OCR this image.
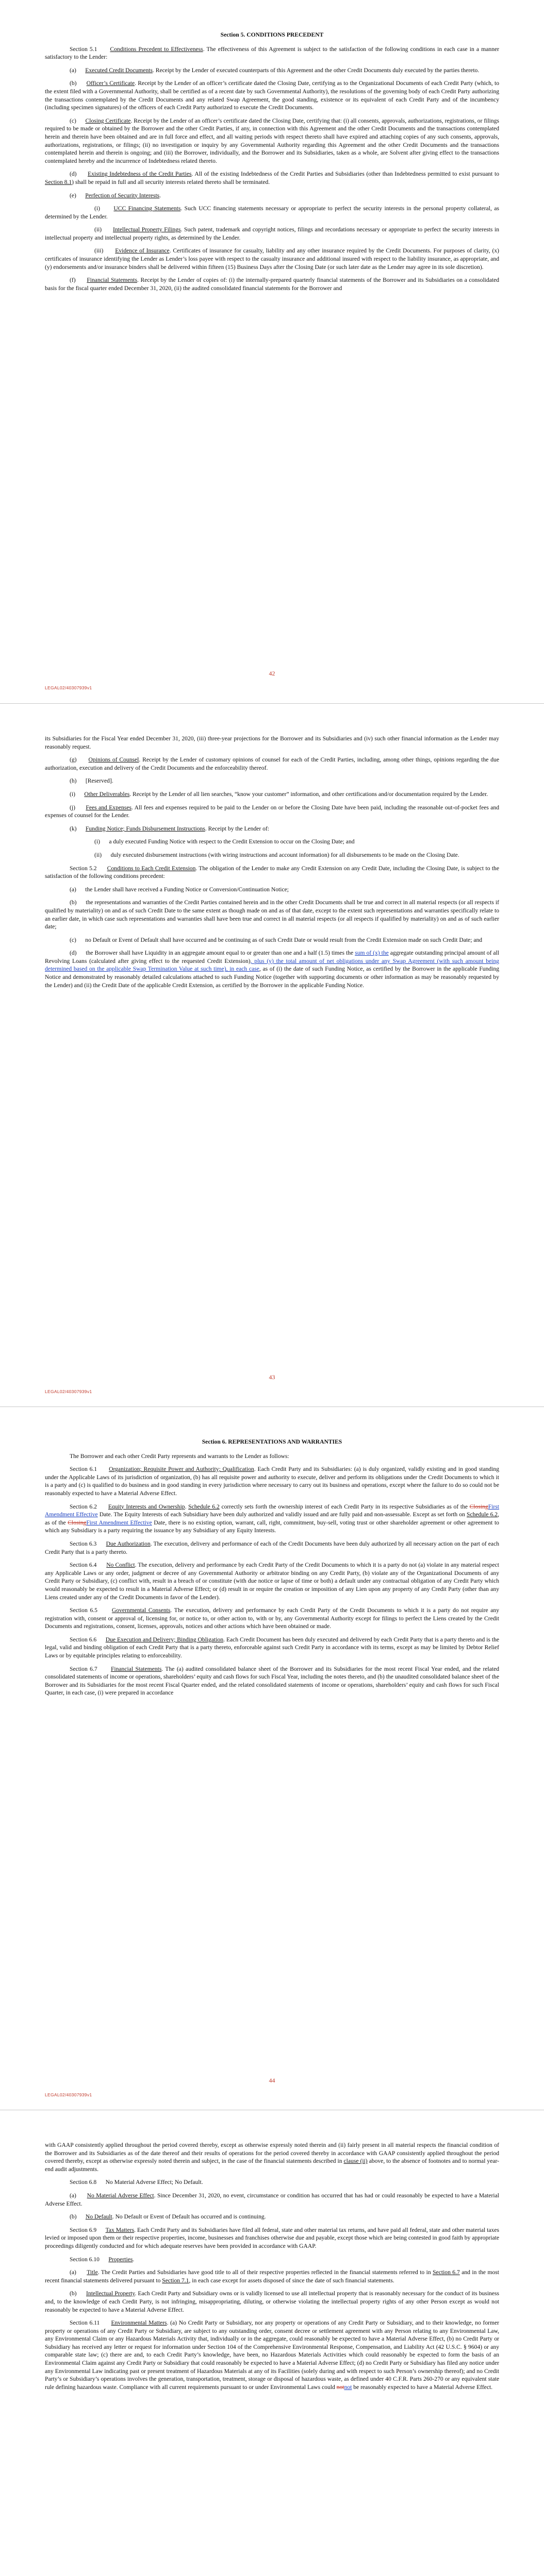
Section 5. CONDITIONS PRECEDENT

Section 5.1 Conditions Precedent to Effectiveness. The effectiveness of this Agreement is subject to the satisfaction of the following conditions in each case in a manner satisfactory to the Lender:

(a) Executed Credit Documents. Receipt by the Lender of executed counterparts of this Agreement and the other Credit Documents duly executed by the parties thereto.

(b) Officer’s Certificate. Receipt by the Lender of an officer’s certificate dated the Closing Date, certifying as to the Organizational Documents of each Credit Party (which, to the extent filed with a Governmental Authority, shall be certified as of a recent date by such Governmental Authority), the resolutions of the governing body of each Credit Party authorizing the transactions contemplated by the Credit Documents and any related Swap Agreement, the good standing, existence or its equivalent of each Credit Party and of the incumbency (including specimen signatures) of the officers of each Credit Party authorized to execute the Credit Documents.

(c) Closing Certificate. Receipt by the Lender of an officer’s certificate dated the Closing Date, certifying that: (i) all consents, approvals, authorizations, registrations, or filings required to be made or obtained by the Borrower and the other Credit Parties, if any, in connection with this Agreement and the other Credit Documents and the transactions contemplated herein and therein have been obtained and are in full force and effect, and all waiting periods with respect thereto shall have expired and attaching copies of any such consents, approvals, authorizations, registrations, or filings; (ii) no investigation or inquiry by any Governmental Authority regarding this Agreement and the other Credit Documents and the transactions contemplated herein and therein is ongoing; and (iii) the Borrower, individually, and the Borrower and its Subsidiaries, taken as a whole, are Solvent after giving effect to the transactions contemplated hereby and the incurrence of Indebtedness related thereto.

(d) Existing Indebtedness of the Credit Parties. All of the existing Indebtedness of the Credit Parties and Subsidiaries (other than Indebtedness permitted to exist pursuant to Section 8.1) shall be repaid in full and all security interests related thereto shall be terminated.

(e) Perfection of Security Interests.

(i) UCC Financing Statements. Such UCC financing statements necessary or appropriate to perfect the security interests in the personal property collateral, as determined by the Lender.

(ii) Intellectual Property Filings. Such patent, trademark and copyright notices, filings and recordations necessary or appropriate to perfect the security interests in intellectual property and intellectual property rights, as determined by the Lender.

(iii) Evidence of Insurance. Certificates of insurance for casualty, liability and any other insurance required by the Credit Documents. For purposes of clarity, (x) certificates of insurance identifying the Lender as Lender’s loss payee with respect to the casualty insurance and additional insured with respect to the liability insurance, as appropriate, and (y) endorsements and/or insurance binders shall be delivered within fifteen (15) Business Days after the Closing Date (or such later date as the Lender may agree in its sole discretion).

(f) Financial Statements. Receipt by the Lender of copies of: (i) the internally-prepared quarterly financial statements of the Borrower and its Subsidiaries on a consolidated basis for the fiscal quarter ended December 31, 2020, (ii) the audited consolidated financial statements for the Borrower and

42
LEGAL02/40307939v1

its Subsidiaries for the Fiscal Year ended December 31, 2020, (iii) three-year projections for the Borrower and its Subsidiaries and (iv) such other financial information as the Lender may reasonably request.

(g) Opinions of Counsel. Receipt by the Lender of customary opinions of counsel for each of the Credit Parties, including, among other things, opinions regarding the due authorization, execution and delivery of the Credit Documents and the enforceability thereof.

(h) [Reserved].

(i) Other Deliverables. Receipt by the Lender of all lien searches, “know your customer” information, and other certifications and/or documentation required by the Lender.

(j) Fees and Expenses. All fees and expenses required to be paid to the Lender on or before the Closing Date have been paid, including the reasonable out-of-pocket fees and expenses of counsel for the Lender.

(k) Funding Notice; Funds Disbursement Instructions. Receipt by the Lender of:

(i) a duly executed Funding Notice with respect to the Credit Extension to occur on the Closing Date; and

(ii) duly executed disbursement instructions (with wiring instructions and account information) for all disbursements to be made on the Closing Date.

Section 5.2 Conditions to Each Credit Extension. The obligation of the Lender to make any Credit Extension on any Credit Date, including the Closing Date, is subject to the satisfaction of the following conditions precedent:

(a) the Lender shall have received a Funding Notice or Conversion/Continuation Notice;

(b) the representations and warranties of the Credit Parties contained herein and in the other Credit Documents shall be true and correct in all material respects (or all respects if qualified by materiality) on and as of such Credit Date to the same extent as though made on and as of that date, except to the extent such representations and warranties specifically relate to an earlier date, in which case such representations and warranties shall have been true and correct in all material respects (or all respects if qualified by materiality) on and as of such earlier date;

(c) no Default or Event of Default shall have occurred and be continuing as of such Credit Date or would result from the Credit Extension made on such Credit Date; and

(d) the Borrower shall have Liquidity in an aggregate amount equal to or greater than one and a half (1.5) times the sum of (x) the aggregate outstanding principal amount of all Revolving Loans (calculated after giving effect to the requested Credit Extension), plus (y) the total amount of net obligations under any Swap Agreement (with such amount being determined based on the applicable Swap Termination Value at such time), in each case, as of (i) the date of such Funding Notice, as certified by the Borrower in the applicable Funding Notice and demonstrated by reasonably detailed calculations attached to such Funding Notice (together with supporting documents or other information as may be reasonably requested by the Lender) and (ii) the Credit Date of the applicable Credit Extension, as certified by the Borrower in the applicable Funding Notice.

43
LEGAL02/40307939v1

Section 6. REPRESENTATIONS AND WARRANTIES

The Borrower and each other Credit Party represents and warrants to the Lender as follows:

Section 6.1 Organization; Requisite Power and Authority; Qualification. Each Credit Party and its Subsidiaries: (a) is duly organized, validly existing and in good standing under the Applicable Laws of its jurisdiction of organization, (b) has all requisite power and authority to execute, deliver and perform its obligations under the Credit Documents to which it is a party and (c) is qualified to do business and in good standing in every jurisdiction where necessary to carry out its business and operations, except where the failure to do so could not be reasonably expected to have a Material Adverse Effect.

Section 6.2 Equity Interests and Ownership. Schedule 6.2 correctly sets forth the ownership interest of each Credit Party in its respective Subsidiaries as of the ClosingFirst Amendment Effective Date. The Equity Interests of each Subsidiary have been duly authorized and validly issued and are fully paid and non-assessable. Except as set forth on Schedule 6.2, as of the ClosingFirst Amendment Effective Date, there is no existing option, warrant, call, right, commitment, buy-sell, voting trust or other shareholder agreement or other agreement to which any Subsidiary is a party requiring the issuance by any Subsidiary of any Equity Interests.

Section 6.3 Due Authorization. The execution, delivery and performance of each of the Credit Documents have been duly authorized by all necessary action on the part of each Credit Party that is a party thereto.

Section 6.4 No Conflict. The execution, delivery and performance by each Credit Party of the Credit Documents to which it is a party do not (a) violate in any material respect any Applicable Laws or any order, judgment or decree of any Governmental Authority or arbitrator binding on any Credit Party, (b) violate any of the Organizational Documents of any Credit Party or Subsidiary, (c) conflict with, result in a breach of or constitute (with due notice or lapse of time or both) a default under any contractual obligation of any Credit Party which would reasonably be expected to result in a Material Adverse Effect; or (d) result in or require the creation or imposition of any Lien upon any property of any Credit Party (other than any Liens created under any of the Credit Documents in favor of the Lender).

Section 6.5 Governmental Consents. The execution, delivery and performance by each Credit Party of the Credit Documents to which it is a party do not require any registration with, consent or approval of, licensing for, or notice to, or other action to, with or by, any Governmental Authority except for filings to perfect the Liens created by the Credit Documents and registrations, consent, licenses, approvals, notices and other actions which have been obtained or made.

Section 6.6 Due Execution and Delivery; Binding Obligation. Each Credit Document has been duly executed and delivered by each Credit Party that is a party thereto and is the legal, valid and binding obligation of each Credit Party that is a party thereto, enforceable against such Credit Party in accordance with its terms, except as may be limited by Debtor Relief Laws or by equitable principles relating to enforceability.

Section 6.7 Financial Statements. The (a) audited consolidated balance sheet of the Borrower and its Subsidiaries for the most recent Fiscal Year ended, and the related consolidated statements of income or operations, shareholders’ equity and cash flows for such Fiscal Year, including the notes thereto, and (b) the unaudited consolidated balance sheet of the Borrower and its Subsidiaries for the most recent Fiscal Quarter ended, and the related consolidated statements of income or operations, shareholders’ equity and cash flows for such Fiscal Quarter, in each case, (i) were prepared in accordance

44
LEGAL02/40307939v1

with GAAP consistently applied throughout the period covered thereby, except as otherwise expressly noted therein and (ii) fairly present in all material respects the financial condition of the Borrower and its Subsidiaries as of the date thereof and their results of operations for the period covered thereby in accordance with GAAP consistently applied throughout the period covered thereby, except as otherwise expressly noted therein and subject, in the case of the financial statements described in clause (ii) above, to the absence of footnotes and to normal year-end audit adjustments.

Section 6.8 No Material Adverse Effect; No Default.

(a) No Material Adverse Effect. Since December 31, 2020, no event, circumstance or condition has occurred that has had or could reasonably be expected to have a Material Adverse Effect.

(b) No Default. No Default or Event of Default has occurred and is continuing.

Section 6.9 Tax Matters. Each Credit Party and its Subsidiaries have filed all federal, state and other material tax returns, and have paid all federal, state and other material taxes levied or imposed upon them or their respective properties, income, businesses and franchises otherwise due and payable, except those which are being contested in good faith by appropriate proceedings diligently conducted and for which adequate reserves have been provided in accordance with GAAP.

Section 6.10 Properties.

(a) Title. The Credit Parties and Subsidiaries have good title to all of their respective properties reflected in the financial statements referred to in Section 6.7 and in the most recent financial statements delivered pursuant to Section 7.1, in each case except for assets disposed of since the date of such financial statements.

(b) Intellectual Property. Each Credit Party and Subsidiary owns or is validly licensed to use all intellectual property that is reasonably necessary for the conduct of its business and, to the knowledge of each Credit Party, is not infringing, misappropriating, diluting, or otherwise violating the intellectual property rights of any other Person except as would not reasonably be expected to have a Material Adverse Effect.

Section 6.11 Environmental Matters. (a) No Credit Party or Subsidiary, nor any property or operations of any Credit Party or Subsidiary, and to their knowledge, no former property or operations of any Credit Party or Subsidiary, are subject to any outstanding order, consent decree or settlement agreement with any Person relating to any Environmental Law, any Environmental Claim or any Hazardous Materials Activity that, individually or in the aggregate, could reasonably be expected to have a Material Adverse Effect, (b) no Credit Party or Subsidiary has received any letter or request for information under Section 104 of the Comprehensive Environmental Response, Compensation, and Liability Act (42 U.S.C. § 9604) or any comparable state law; (c) there are and, to each Credit Party’s knowledge, have been, no Hazardous Materials Activities which could reasonably be expected to form the basis of an Environmental Claim against any Credit Party or Subsidiary that could reasonably be expected to have a Material Adverse Effect; (d) no Credit Party or Subsidiary has filed any notice under any Environmental Law indicating past or present treatment of Hazardous Materials at any of its Facilities (solely during and with respect to such Person’s ownership thereof); and no Credit Party’s or Subsidiary’s operations involves the generation, transportation, treatment, storage or disposal of hazardous waste, as defined under 40 C.F.R. Parts 260-270 or any equivalent state rule defining hazardous waste. Compliance with all current requirements pursuant to or under Environmental Laws could notnot be reasonably expected to have a Material Adverse Effect.
